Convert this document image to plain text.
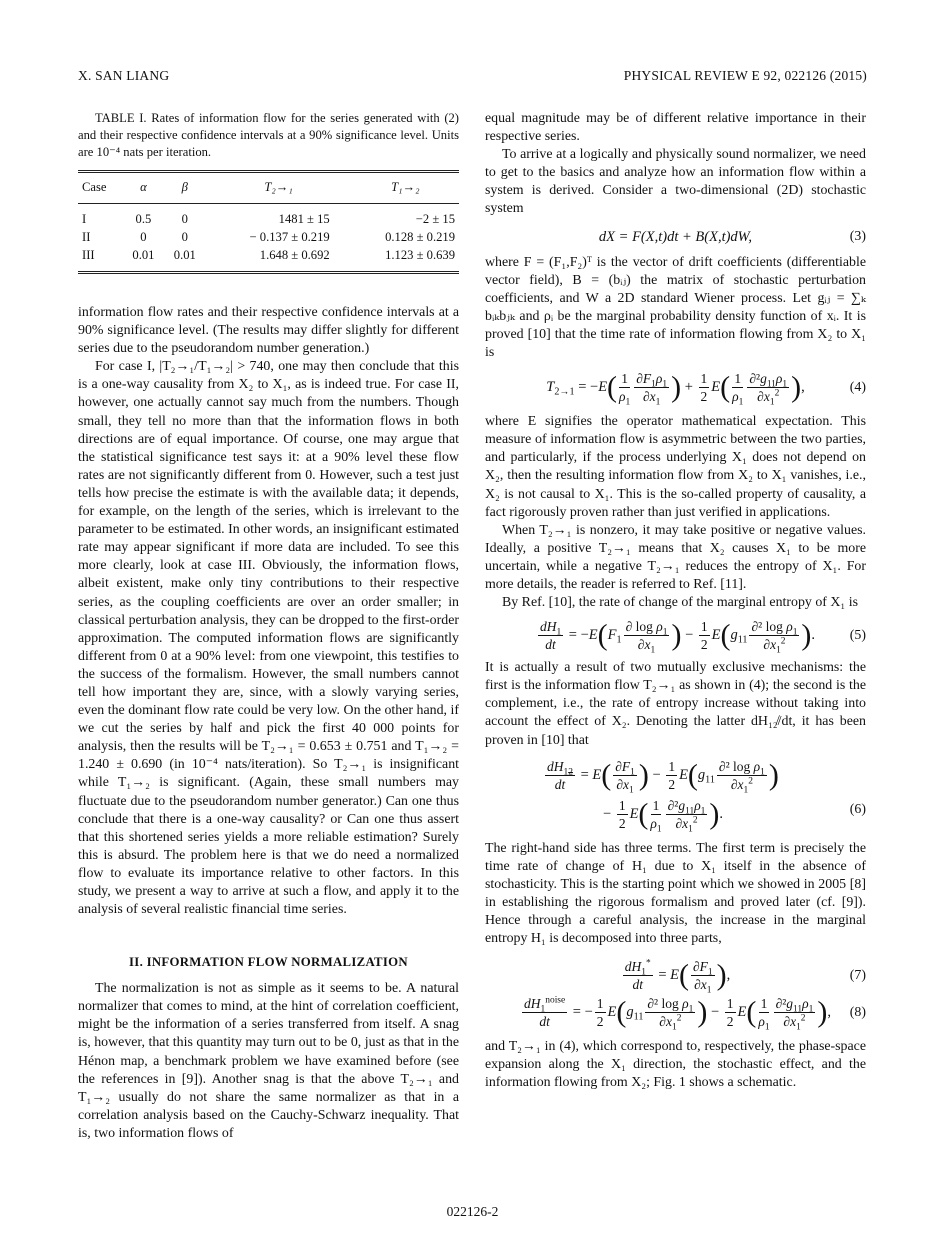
X. SAN LIANG	PHYSICAL REVIEW E 92, 022126 (2015)
TABLE I. Rates of information flow for the series generated with (2) and their respective confidence intervals at a 90% significance level. Units are 10⁻⁴ nats per iteration.
Case	α	β	T₂→₁	T₁→₂
I	0.5	0	1481 ± 15	−2 ± 15
II	0	0	− 0.137 ± 0.219	0.128 ± 0.219
III	0.01	0.01	1.648 ± 0.692	1.123 ± 0.639

information flow rates and their respective confidence intervals at a 90% significance level. (The results may differ slightly for different series due to the pseudorandom number generation.)

For case I, |T₂→₁/T₁→₂| > 740, one may then conclude that this is a one-way causality from X₂ to X₁, as is indeed true. For case II, however, one actually cannot say much from the numbers. Though small, they tell no more than that the information flows in both directions are of equal importance. Of course, one may argue that the statistical significance test says it: at a 90% level these flow rates are not significantly different from 0. However, such a test just tells how precise the estimate is with the available data; it depends, for example, on the length of the series, which is irrelevant to the parameter to be estimated. In other words, an insignificant estimated rate may appear significant if more data are included. To see this more clearly, look at case III. Obviously, the information flows, albeit existent, make only tiny contributions to their respective series, as the coupling coefficients are over an order smaller; in classical perturbation analysis, they can be dropped to the first-order approximation. The computed information flows are significantly different from 0 at a 90% level: from one viewpoint, this testifies to the success of the formalism. However, the small numbers cannot tell how important they are, since, with a slowly varying series, even the dominant flow rate could be very low. On the other hand, if we cut the series by half and pick the first 40 000 points for analysis, then the results will be T₂→₁ = 0.653 ± 0.751 and T₁→₂ = 1.240 ± 0.690 (in 10⁻⁴ nats/iteration). So T₂→₁ is insignificant while T₁→₂ is significant. (Again, these small numbers may fluctuate due to the pseudorandom number generator.) Can one thus conclude that there is a one-way causality? or Can one thus assert that this shortened series yields a more reliable estimation? Surely this is absurd. The problem here is that we do need a normalized flow to evaluate its importance relative to other factors. In this study, we present a way to arrive at such a flow, and apply it to the analysis of several realistic financial time series.

II. INFORMATION FLOW NORMALIZATION

The normalization is not as simple as it seems to be. A natural normalizer that comes to mind, at the hint of correlation coefficient, might be the information of a series transferred from itself. A snag is, however, that this quantity may turn out to be 0, just as that in the Hénon map, a benchmark problem we have examined before (see the references in [9]). Another snag is that the above T₂→₁ and T₁→₂ usually do not share the same normalizer as that in a correlation analysis based on the Cauchy-Schwarz inequality. That is, two information flows of

equal magnitude may be of different relative importance in their respective series.

To arrive at a logically and physically sound normalizer, we need to get to the basics and analyze how an information flow within a system is derived. Consider a two-dimensional (2D) stochastic system

dX = F(X,t)dt + B(X,t)dW,	(3)

where F = (F₁,F₂)ᵀ is the vector of drift coefficients (differentiable vector field), B = (bᵢⱼ) the matrix of stochastic perturbation coefficients, and W a 2D standard Wiener process. Let gᵢⱼ = ∑ₖ bᵢₖbⱼₖ and ρᵢ be the marginal probability density function of xᵢ. It is proved [10] that the time rate of information flowing from X₂ to X₁ is

$T_{2\to 1} = -E( \frac{1}{\rho_1} \frac{\partial F_1\rho_1}{\partial x_1}$ ) + $\frac{1}{2} E( \frac{1}{\rho_1} \frac{\partial^2g_{11}\rho_1}{\partial x_1^2}$ ),	(4)

where E signifies the operator mathematical expectation. This measure of information flow is asymmetric between the two parties, and particularly, if the process underlying X₁ does not depend on X₂, then the resulting information flow from X₂ to X₁ vanishes, i.e., X₂ is not causal to X₁. This is the so-called property of causality, a fact rigorously proven rather than just verified in applications.

When T₂→₁ is nonzero, it may take positive or negative values. Ideally, a positive T₂→₁ means that X₂ causes X₁ to be more uncertain, while a negative T₂→₁ reduces the entropy of X₁. For more details, the reader is referred to Ref. [11].

By Ref. [10], the rate of change of the marginal entropy of X₁ is

$\frac{dH_1}{dt} = -E(F_1 \frac{\partial \log \rho_1}{\partial x_1}$ ) − $\frac{1}{2} E(g_{11} \frac{\partial^2 \log \rho_1}{\partial x_1^2}$ ).	(5)

It is actually a result of two mutually exclusive mechanisms: the first is the information flow T₂→₁ as shown in (4); the second is the complement, i.e., the rate of entropy increase without taking into account the effect of X₂. Denoting the latter dH₁₂̸/dt, it has been proven in [10] that

$\frac{dH_{12}}{dt} = E( \frac{\partial F_1}{\partial x_1}$ ) − $\frac{1}{2} E(g_{11} \frac{\partial^2 \log \rho_1}{\partial x_1^2}$ )
− $\frac{1}{2} E( \frac{1}{\rho_1} \frac{\partial^2g_{11}\rho_1}{\partial x_1^2}$ ).	(6)

The right-hand side has three terms. The first term is precisely the time rate of change of H₁ due to X₁ itself in the absence of stochasticity. This is the starting point which we showed in 2005 [8] in establishing the rigorous formalism and proved later (cf. [9]). Hence through a careful analysis, the increase in the marginal entropy H₁ is decomposed into three parts,

$\frac{dH_1^*}{dt} = E( \frac{\partial F_1}{\partial x_1}$ ),	(7)
$\frac{dH_1^{noise}}{dt}$ = − $\frac{1}{2} E(g_{11} \frac{\partial^2 \log \rho_1}{\partial x_1^2}$ ) − $\frac{1}{2} E( \frac{1}{\rho_1} \frac{\partial^2g_{11}\rho_1}{\partial x_1^2}$ ), (8)

and T₂→₁ in (4), which correspond to, respectively, the phase-space expansion along the X₁ direction, the stochastic effect, and the information flowing from X₂; Fig. 1 shows a schematic.

022126-2
